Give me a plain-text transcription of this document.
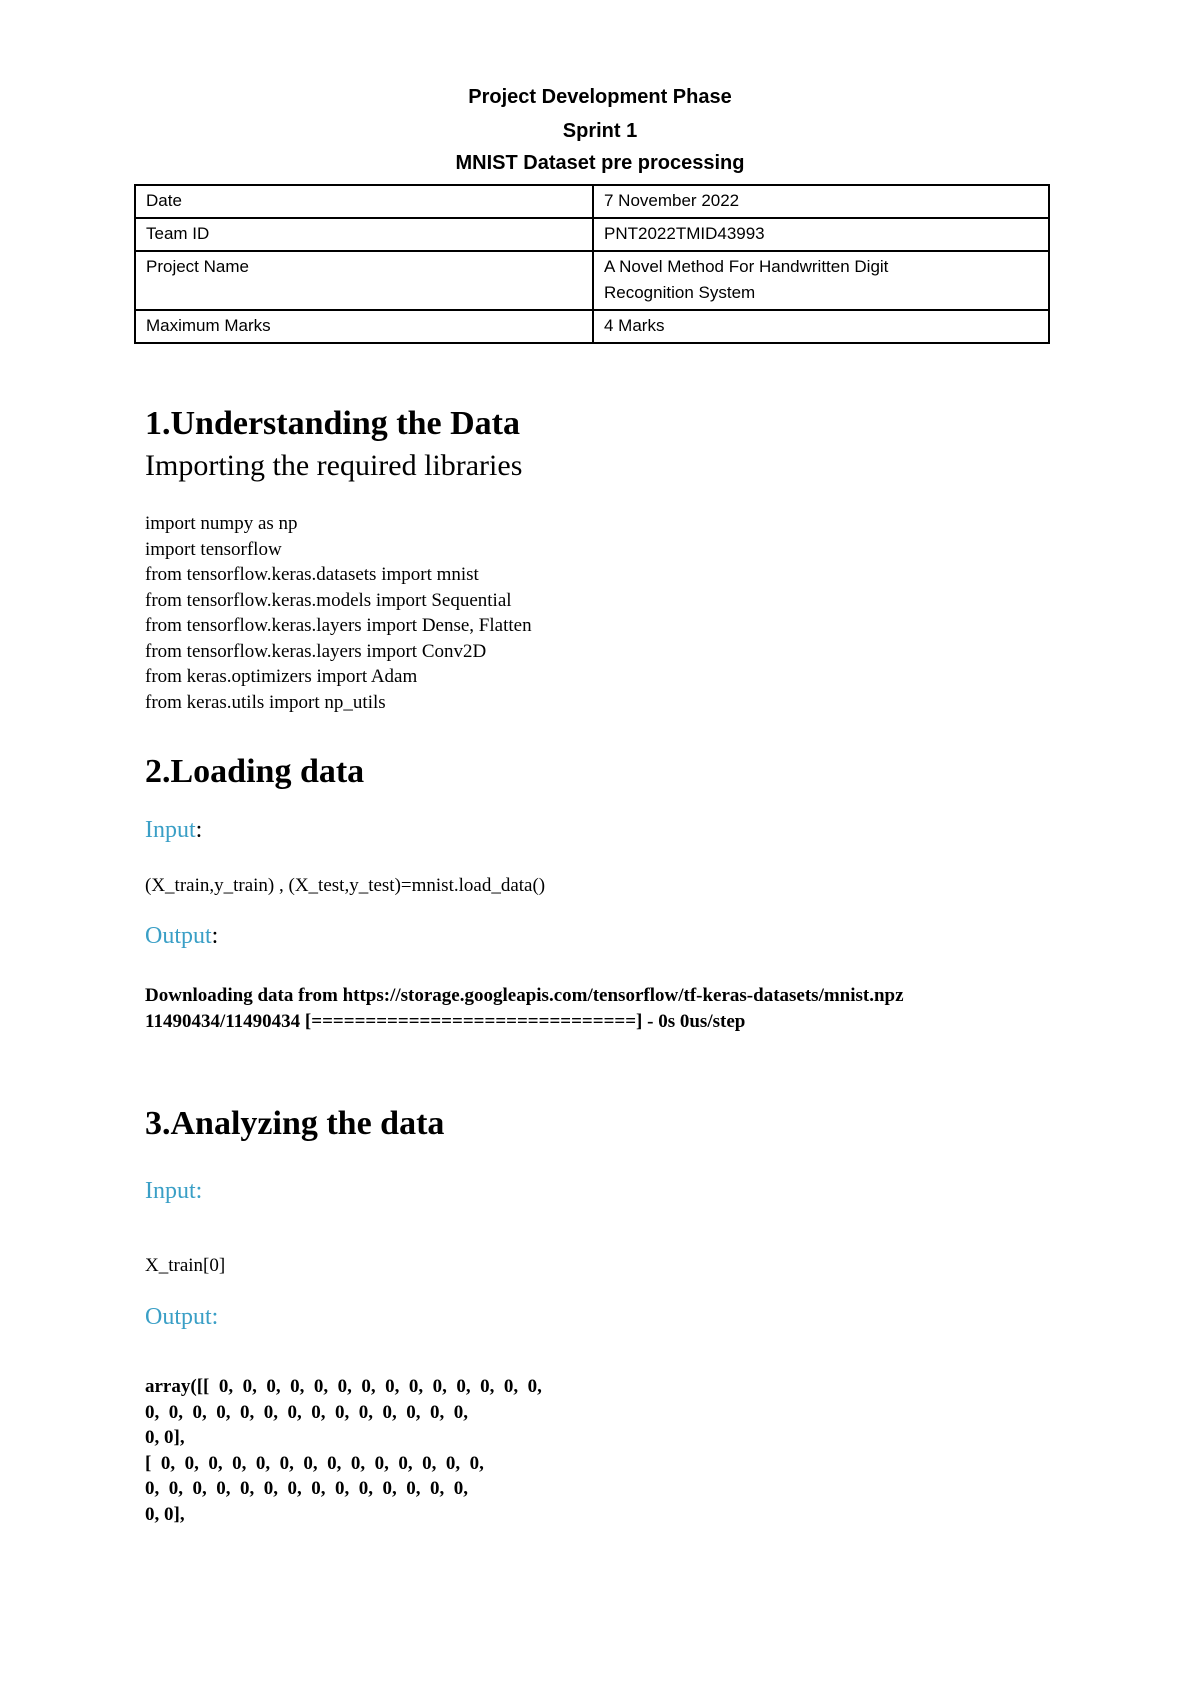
Project Development Phase
Sprint 1
MNIST Dataset pre processing
Date	7 November 2022
Team ID	PNT2022TMID43993
Project Name	A Novel Method For Handwritten Digit Recognition System
Maximum Marks	4 Marks
1.Understanding the Data
Importing the required libraries
import numpy as np
import tensorflow
from tensorflow.keras.datasets import mnist
from tensorflow.keras.models import Sequential
from tensorflow.keras.layers import Dense, Flatten
from tensorflow.keras.layers import Conv2D
from keras.optimizers import Adam
from keras.utils import np_utils
2.Loading data
Input:
(X_train,y_train) , (X_test,y_test)=mnist.load_data()
Output:
Downloading data from https://storage.googleapis.com/tensorflow/tf-keras-datasets/mnist.npz
11490434/11490434 [==============================] - 0s 0us/step
3.Analyzing the data
Input:
X_train[0]
Output:
array([[  0,  0,  0,  0,  0,  0,  0,  0,  0,  0,  0,  0,  0,  0,
0,  0,  0,  0,  0,  0,  0,  0,  0,  0,  0,  0,  0,  0,
0, 0],
[  0,  0,  0,  0,  0,  0,  0,  0,  0,  0,  0,  0,  0,  0,
0,  0,  0,  0,  0,  0,  0,  0,  0,  0,  0,  0,  0,  0,
0, 0],
